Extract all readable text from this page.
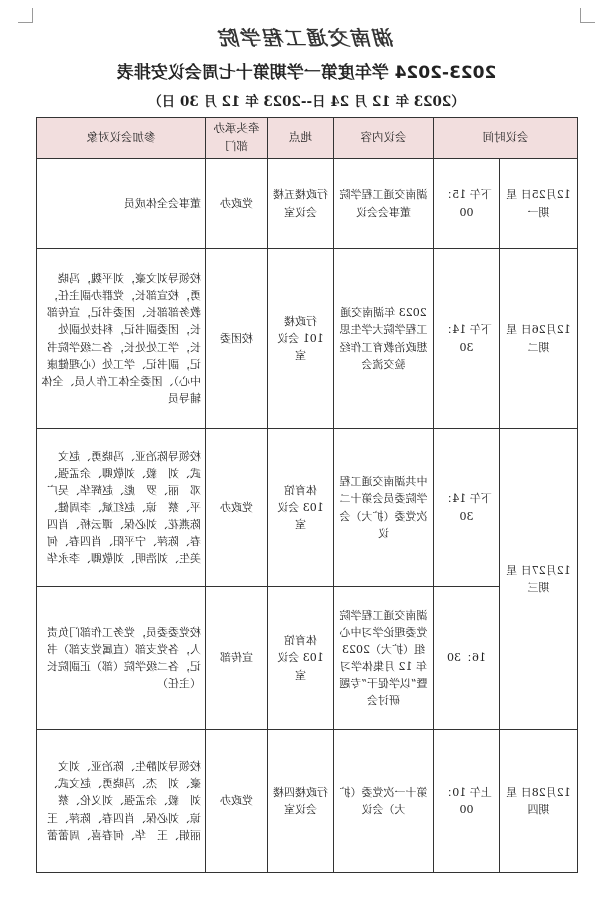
湖南交通工程学院
2023-2024 学年度第一学期第十七周会议安排表
（2023 年 12 月 24 日--2023 年 12 月 30 日）
会议时间		会议内容	地点	牵头承办部门	参加会议对象
12月25日 星期一	下午 15：00	湖南交通工程学院董事会会议	行政楼五楼会议室	党政办	董事会全体成员
12月26日 星期二	下午 14：30	2023 年湖南交通工程学院大学生思想政治教育工作经验交流会	行政楼 101 会议室	校团委	校领导刘文豪，刘平魏，冯晓勇，校宣部长，党群办副主任，教务部部长、团委书记，宣传部长，团委副书记，科技处副处长，学工处处长，各二级学院书记，副书记、学工处（心理健康中心）、团委全体工作人员、全体辅导员
12月27日 星期三	下午 14：30	中共湖南交通工程学院委员会第十二次党委（扩大）会议	体育馆 103 会议室	党政办	校领导陈冶亚、冯晓勇、赵文武、刘　毅、刘敬卿、余孟强、邓　丽、罗　彪、赵辉华、吴广平、蔡　谅、赵红斌、李周健、陈燕花、刘必保、谭云桥、肖四春、陈萍、宁平阳、肖四春、何美生、刘浩明、刘敬卿、李永华
	16：30	湖南交通工程学院党委理论学习中心组（扩大）2023 年 12 月集体学习暨“以学促干”专题研讨会	体育馆 103 会议室	宣传部	校党委委员，党务工作部门负责人，各党支部（直属党支部）书记，各二级学院（部）正副院长（主任）
12月28日 星期四	上午 10：00	第十一次党委（扩大）会议	行政楼四楼会议室	党政办	校领导刘静生、陈冶亚、刘文豪、刘　杰、冯晓勇、赵文武、刘　毅、余孟强、刘义伦、蔡　谅、刘必保、肖四春、陈萍、王丽娟、王　华、何春喜、周蕾蕾
